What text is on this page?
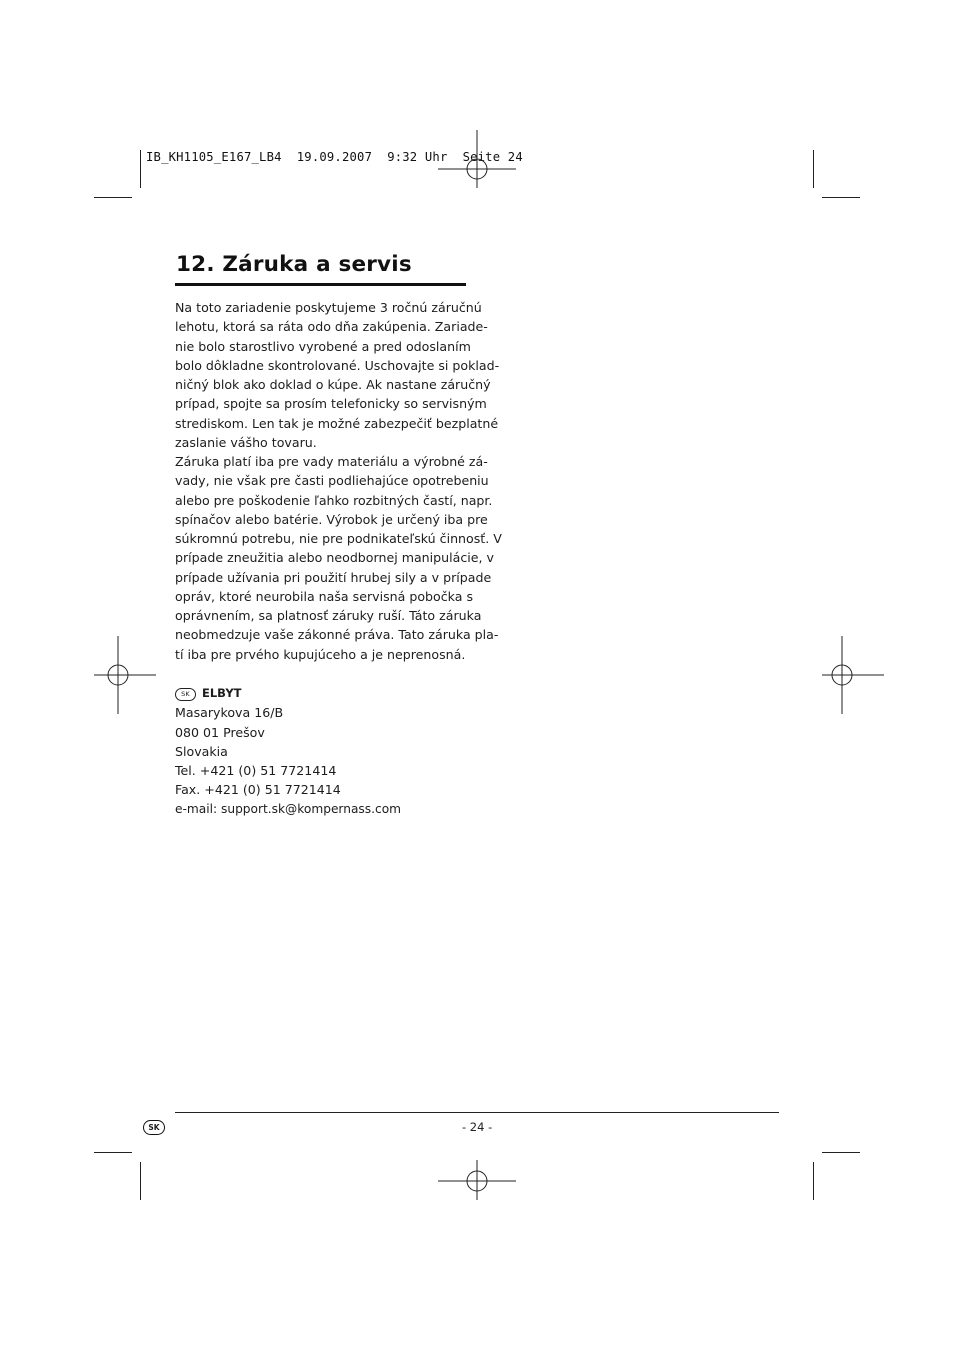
IB_KH1105_E167_LB4  19.09.2007  9:32 Uhr  Seite 24
12. Záruka a servis
Na toto zariadenie poskytujeme 3 ročnú záručnú
lehotu, ktorá sa ráta odo dňa zakúpenia. Zariade-
nie bolo starostlivo vyrobené a pred odoslaním
bolo dôkladne skontrolované. Uschovajte si poklad-
ničný blok ako doklad o kúpe. Ak nastane záručný
prípad, spojte sa prosím telefonicky so servisným
strediskom. Len tak je možné zabezpečiť bezplatné
zaslanie vášho tovaru.
Záruka platí iba pre vady materiálu a výrobné zá-
vady, nie však pre časti podliehajúce opotrebeniu
alebo pre poškodenie ľahko rozbitných častí, napr.
spínačov alebo batérie. Výrobok je určený iba pre
súkromnú potrebu, nie pre podnikateľskú činnosť. V
prípade zneužitia alebo neodbornej manipulácie, v
prípade užívania pri použití hrubej sily a v prípade
opráv, ktoré neurobila naša servisná pobočka s
oprávnením, sa platnosť záruky ruší. Táto záruka
neobmedzuje vaše zákonné práva. Tato záruka pla-
tí iba pre prvého kupujúceho a je neprenosná.
SK ELBYT
Masarykova 16/B
080 01 Prešov
Slovakia
Tel. +421 (0) 51 7721414
Fax. +421 (0) 51 7721414
e-mail: support.sk@kompernass.com
SK	- 24 -
